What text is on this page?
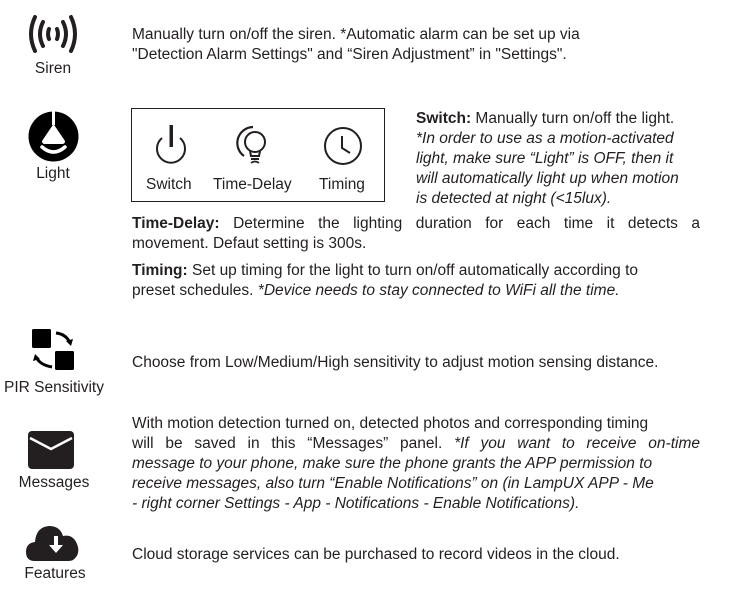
Siren
Manually turn on/off the siren. *Automatic alarm can be set up via
"Detection Alarm Settings" and “Siren Adjustment” in "Settings".
Light
Switch Time-Delay Timing
Switch: Manually turn on/off the light.
*In order to use as a motion-activated
light, make sure “Light” is OFF, then it
will automatically light up when motion
is detected at night (<15lux).
Time-Delay: Determine the lighting duration for each time it detects a
movement. Defaut setting is 300s.
Timing: Set up timing for the light to turn on/off automatically according to
preset schedules. *Device needs to stay connected to WiFi all the time.
PIR Sensitivity
Choose from Low/Medium/High sensitivity to adjust motion sensing distance.
Messages
With motion detection turned on, detected photos and corresponding timing
will be saved in this “Messages” panel. *If you want to receive on-time
message to your phone, make sure the phone grants the APP permission to
receive messages, also turn “Enable Notifications” on (in LampUX APP - Me
- right corner Settings - App - Notifications - Enable Notifications).
Features
Cloud storage services can be purchased to record videos in the cloud.
